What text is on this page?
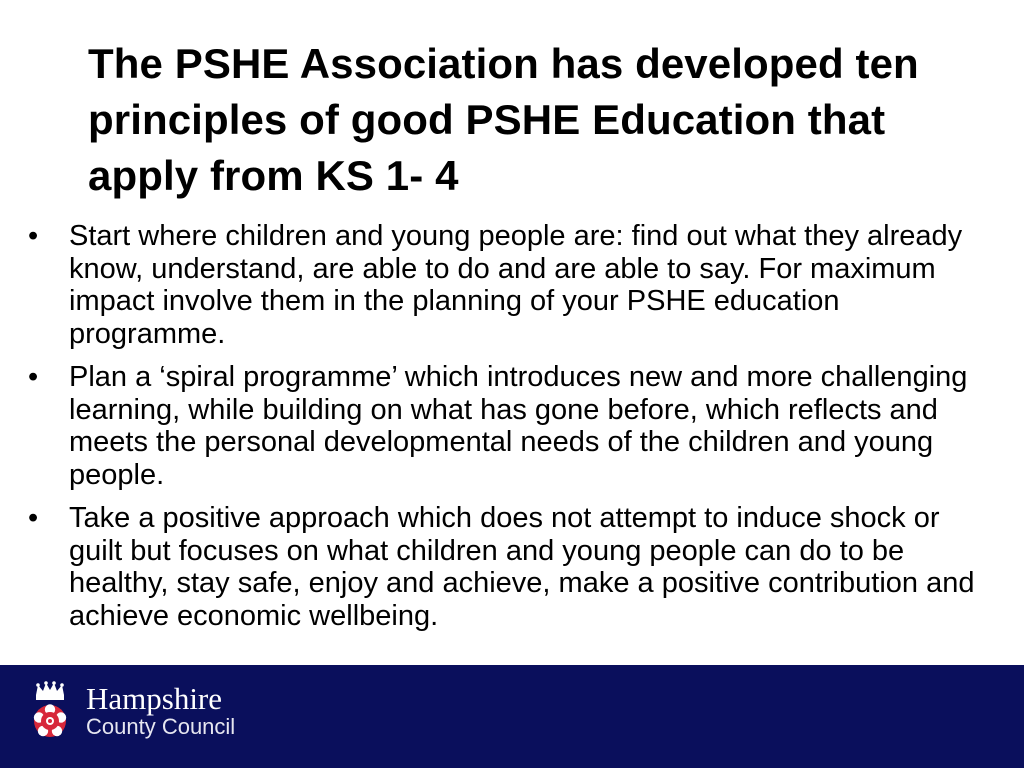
The PSHE Association has developed ten principles of good PSHE Education that apply from KS 1- 4
•	Start where children and young people are: find out what they already know, understand, are able to do and are able to say. For maximum impact involve them in the planning of your PSHE education programme.
•	Plan a ‘spiral programme’ which introduces new and more challenging learning, while building on what has gone before, which reflects and meets the personal developmental needs of the children and young people.
•	Take a positive approach which does not attempt to induce shock or guilt but focuses on what children and young people can do to be healthy, stay safe, enjoy and achieve, make a positive contribution and achieve economic wellbeing.
Hampshire
County Council
